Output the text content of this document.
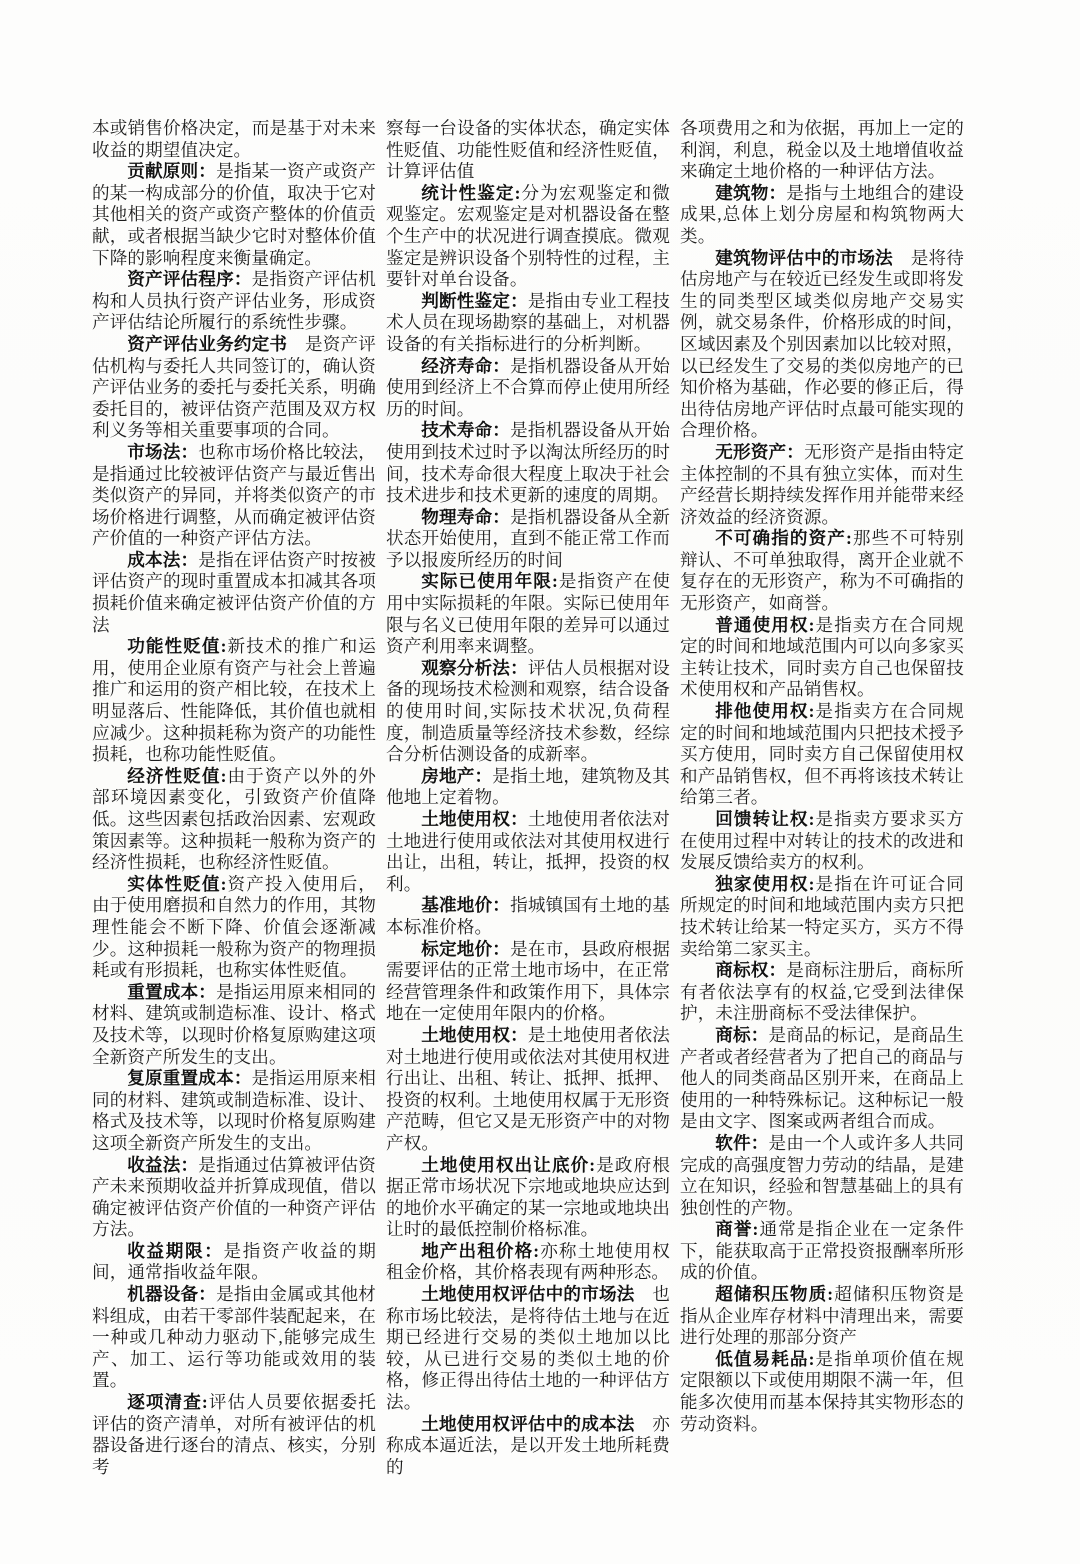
本或销售价格决定，而是基于对未来收益的期望值决定。

贡献原则：是指某一资产或资产的某一构成部分的价值，取决于它对其他相关的资产或资产整体的价值贡献，或者根据当缺少它时对整体价值下降的影响程度来衡量确定。

资产评估程序：是指资产评估机构和人员执行资产评估业务，形成资产评估结论所履行的系统性步骤。

资产评估业务约定书　是资产评估机构与委托人共同签订的，确认资产评估业务的委托与委托关系，明确委托目的，被评估资产范围及双方权利义务等相关重要事项的合同。

市场法：也称市场价格比较法，是指通过比较被评估资产与最近售出类似资产的异同，并将类似资产的市场价格进行调整，从而确定被评估资产价值的一种资产评估方法。

成本法：是指在评估资产时按被评估资产的现时重置成本扣减其各项损耗价值来确定被评估资产价值的方法

功能性贬值:新技术的推广和运用，使用企业原有资产与社会上普遍推广和运用的资产相比较，在技术上明显落后、性能降低，其价值也就相应减少。这种损耗称为资产的功能性损耗，也称功能性贬值。

经济性贬值:由于资产以外的外部环境因素变化，引致资产价值降低。这些因素包括政治因素、宏观政策因素等。这种损耗一般称为资产的经济性损耗，也称经济性贬值。

实体性贬值:资产投入使用后，由于使用磨损和自然力的作用，其物理性能会不断下降、价值会逐渐减少。这种损耗一般称为资产的物理损耗或有形损耗，也称实体性贬值。

重置成本：是指运用原来相同的材料、建筑或制造标准、设计、格式及技术等，以现时价格复原购建这项全新资产所发生的支出。

复原重置成本：是指运用原来相同的材料、建筑或制造标准、设计、格式及技术等，以现时价格复原购建这项全新资产所发生的支出。

收益法：是指通过估算被评估资产未来预期收益并折算成现值，借以确定被评估资产价值的一种资产评估方法。

收益期限：是指资产收益的期间，通常指收益年限。

机器设备：是指由金属或其他材料组成，由若干零部件装配起来，在一种或几种动力驱动下,能够完成生产、加工、运行等功能或效用的装置。

逐项清查:评估人员要依据委托评估的资产清单，对所有被评估的机器设备进行逐台的清点、核实，分别考

察每一台设备的实体状态，确定实体性贬值、功能性贬值和经济性贬值，计算评估值

统计性鉴定:分为宏观鉴定和微观鉴定。宏观鉴定是对机器设备在整个生产中的状况进行调查摸底。微观鉴定是辨识设备个别特性的过程，主要针对单台设备。

判断性鉴定：是指由专业工程技术人员在现场勘察的基础上，对机器设备的有关指标进行的分析判断。

经济寿命：是指机器设备从开始使用到经济上不合算而停止使用所经历的时间。

技术寿命：是指机器设备从开始使用到技术过时予以淘汰所经历的时间，技术寿命很大程度上取决于社会技术进步和技术更新的速度的周期。

物理寿命：是指机器设备从全新状态开始使用，直到不能正常工作而予以报废所经历的时间

实际已使用年限:是指资产在使用中实际损耗的年限。实际已使用年限与名义已使用年限的差异可以通过资产利用率来调整。

观察分析法：评估人员根据对设备的现场技术检测和观察，结合设备的使用时间,实际技术状况,负荷程度，制造质量等经济技术参数，经综合分析估测设备的成新率。

房地产：是指土地，建筑物及其他地上定着物。

土地使用权：土地使用者依法对土地进行使用或依法对其使用权进行出让，出租，转让，抵押，投资的权利。

基准地价：指城镇国有土地的基本标准价格。

标定地价：是在市，县政府根据需要评估的正常土地市场中，在正常经营管理条件和政策作用下，具体宗地在一定使用年限内的价格。

土地使用权：是土地使用者依法对土地进行使用或依法对其使用权进行出让、出租、转让、抵押、抵押、投资的权利。土地使用权属于无形资产范畴，但它又是无形资产中的对物产权。

土地使用权出让底价:是政府根据正常市场状况下宗地或地块应达到的地价水平确定的某一宗地或地块出让时的最低控制价格标准。

地产出租价格:亦称土地使用权租金价格，其价格表现有两种形态。

土地使用权评估中的市场法　也称市场比较法，是将待估土地与在近期已经进行交易的类似土地加以比较，从已进行交易的类似土地的价格，修正得出待估土地的一种评估方法。

土地使用权评估中的成本法　亦称成本逼近法，是以开发土地所耗费的

各项费用之和为依据，再加上一定的利润，利息，税金以及土地增值收益来确定土地价格的一种评估方法。

建筑物：是指与土地组合的建设成果,总体上划分房屋和构筑物两大类。

建筑物评估中的市场法　是将待估房地产与在较近已经发生或即将发生的同类型区域类似房地产交易实例，就交易条件，价格形成的时间，区域因素及个别因素加以比较对照，以已经发生了交易的类似房地产的已知价格为基础，作必要的修正后，得出待估房地产评估时点最可能实现的合理价格。

无形资产：无形资产是指由特定主体控制的不具有独立实体，而对生产经营长期持续发挥作用并能带来经济效益的经济资源。

不可确指的资产:那些不可特别辩认、不可单独取得，离开企业就不复存在的无形资产，称为不可确指的无形资产，如商誉。

普通使用权:是指卖方在合同规定的时间和地域范围内可以向多家买主转让技术，同时卖方自己也保留技术使用权和产品销售权。

排他使用权:是指卖方在合同规定的时间和地域范围内只把技术授予买方使用，同时卖方自己保留使用权和产品销售权，但不再将该技术转让给第三者。

回馈转让权:是指卖方要求买方在使用过程中对转让的技术的改进和发展反馈给卖方的权利。

独家使用权:是指在许可证合同所规定的时间和地域范围内卖方只把技术转让给某一特定买方，买方不得卖给第二家买主。

商标权：是商标注册后，商标所有者依法享有的权益,它受到法律保护，未注册商标不受法律保护。

商标：是商品的标记，是商品生产者或者经营者为了把自己的商品与他人的同类商品区别开来，在商品上使用的一种特殊标记。这种标记一般是由文字、图案或两者组合而成。

软件：是由一个人或许多人共同完成的高强度智力劳动的结晶，是建立在知识，经验和智慧基础上的具有独创性的产物。

商誉:通常是指企业在一定条件下，能获取高于正常投资报酬率所形成的价值。

超储积压物质:超储积压物资是指从企业库存材料中清理出来，需要进行处理的那部分资产

低值易耗品:是指单项价值在规定限额以下或使用期限不满一年，但能多次使用而基本保持其实物形态的劳动资料。
